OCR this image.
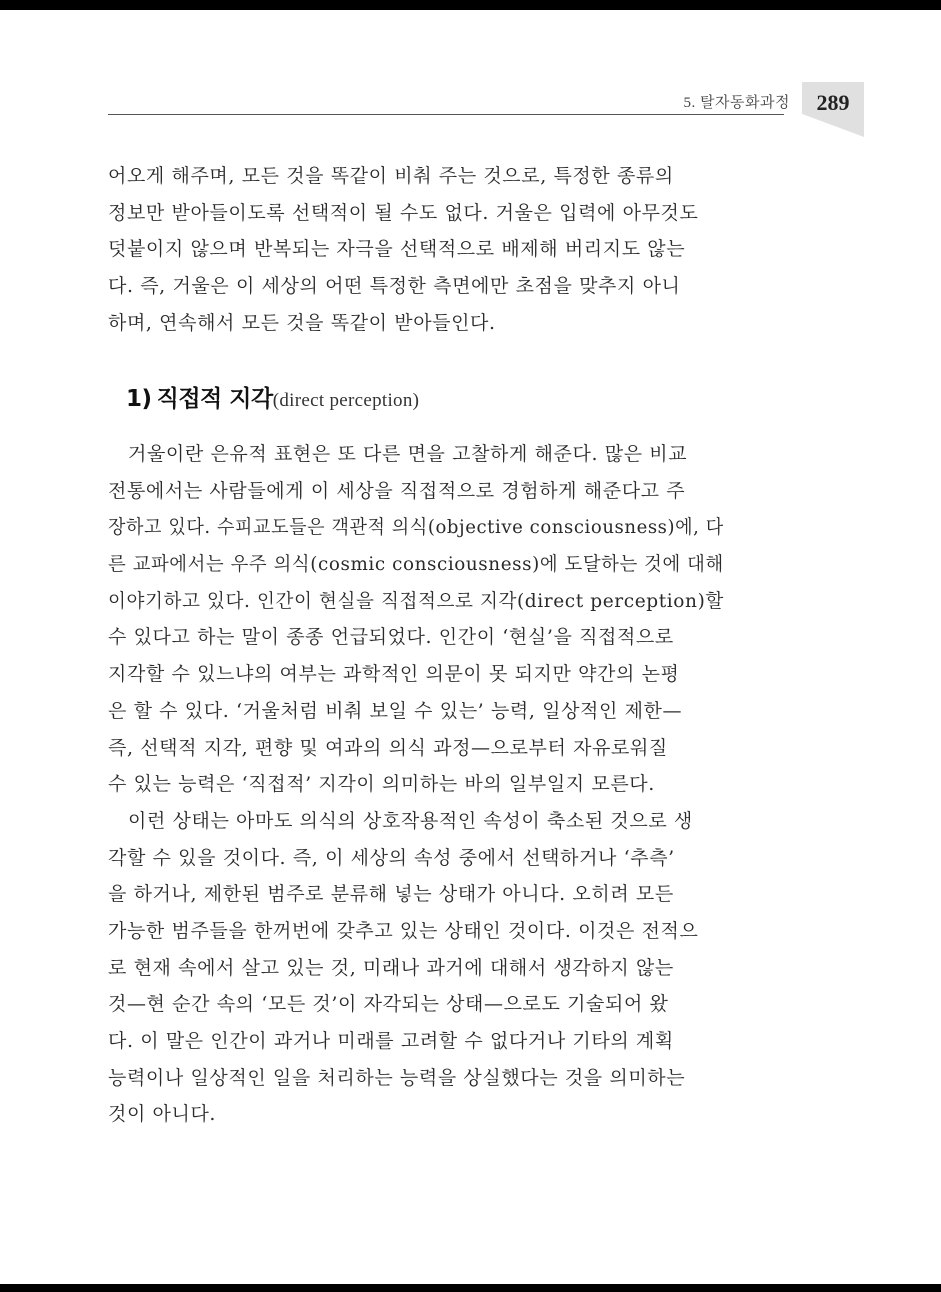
5. 탈자동화과정	289

어오게 해주며, 모든 것을 똑같이 비춰 주는 것으로, 특정한 종류의
정보만 받아들이도록 선택적이 될 수도 없다. 거울은 입력에 아무것도
덧붙이지 않으며 반복되는 자극을 선택적으로 배제해 버리지도 않는
다. 즉, 거울은 이 세상의 어떤 특정한 측면에만 초점을 맞추지 아니
하며, 연속해서 모든 것을 똑같이 받아들인다.

1) 직접적 지각(direct perception)

거울이란 은유적 표현은 또 다른 면을 고찰하게 해준다. 많은 비교
전통에서는 사람들에게 이 세상을 직접적으로 경험하게 해준다고 주
장하고 있다. 수피교도들은 객관적 의식(objective consciousness)에, 다
른 교파에서는 우주 의식(cosmic consciousness)에 도달하는 것에 대해
이야기하고 있다. 인간이 현실을 직접적으로 지각(direct perception)할
수 있다고 하는 말이 종종 언급되었다. 인간이 ‘현실’을 직접적으로
지각할 수 있느냐의 여부는 과학적인 의문이 못 되지만 약간의 논평
은 할 수 있다. ‘거울처럼 비춰 보일 수 있는’ 능력, 일상적인 제한—
즉, 선택적 지각, 편향 및 여과의 의식 과정—으로부터 자유로워질
수 있는 능력은 ‘직접적’ 지각이 의미하는 바의 일부일지 모른다.

이런 상태는 아마도 의식의 상호작용적인 속성이 축소된 것으로 생
각할 수 있을 것이다. 즉, 이 세상의 속성 중에서 선택하거나 ‘추측’
을 하거나, 제한된 범주로 분류해 넣는 상태가 아니다. 오히려 모든
가능한 범주들을 한꺼번에 갖추고 있는 상태인 것이다. 이것은 전적으
로 현재 속에서 살고 있는 것, 미래나 과거에 대해서 생각하지 않는
것—현 순간 속의 ‘모든 것’이 자각되는 상태—으로도 기술되어 왔
다. 이 말은 인간이 과거나 미래를 고려할 수 없다거나 기타의 계획
능력이나 일상적인 일을 처리하는 능력을 상실했다는 것을 의미하는
것이 아니다.
